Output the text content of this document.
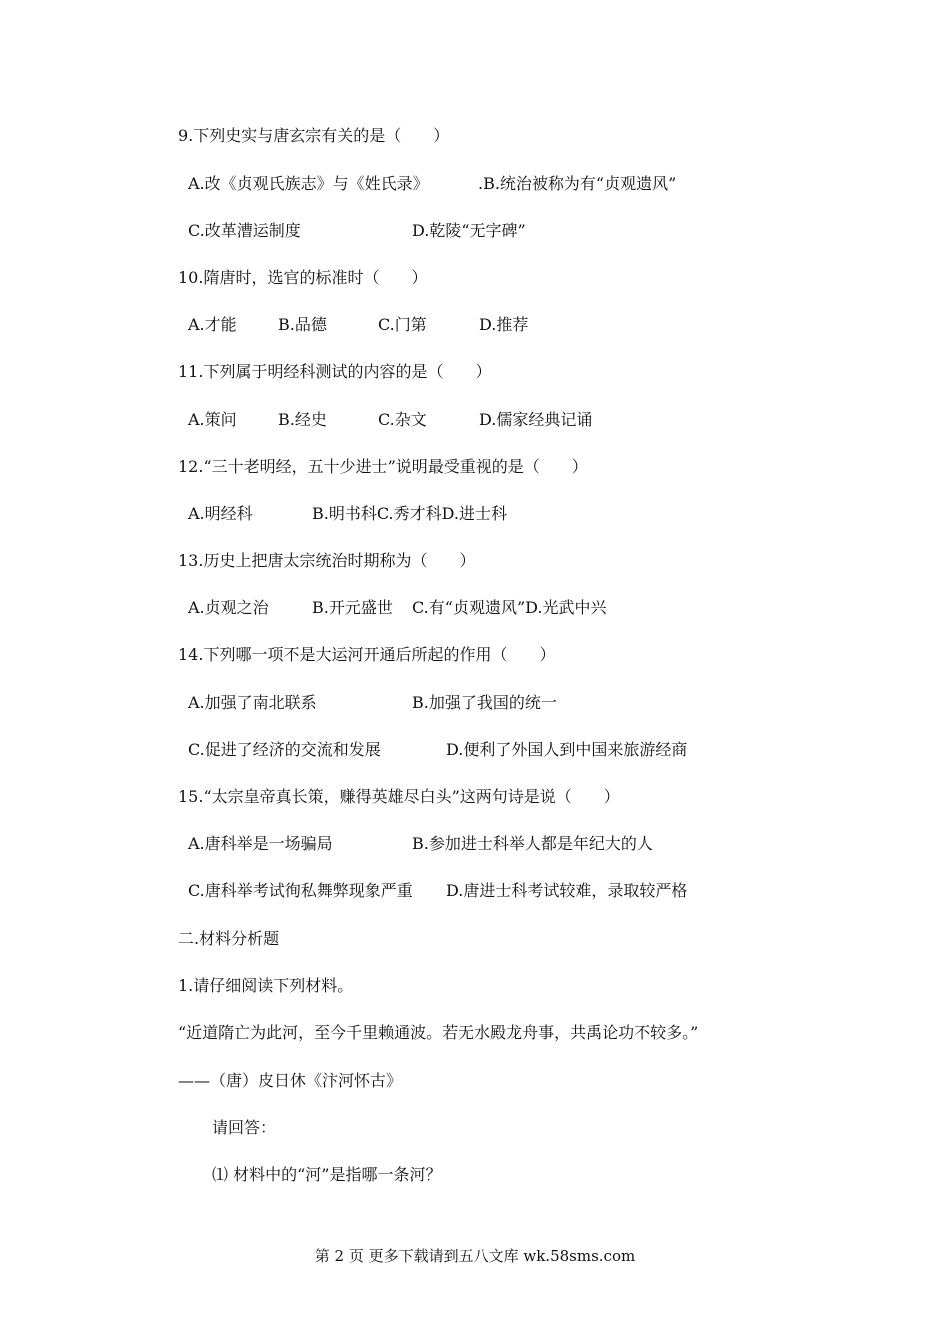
9.下列史实与唐玄宗有关的是（　　）
A.改《贞观氏族志》与《姓氏录》	.B.统治被称为有“贞观遗风”
C.改革漕运制度	D.乾陵“无字碑”
10.隋唐时，选官的标准时（　　）
A.才能	B.品德	C.门第	D.推荐
11.下列属于明经科测试的内容的是（　　）
A.策问	B.经史	C.杂文	D.儒家经典记诵
12.“三十老明经，五十少进士”说明最受重视的是（　　）
A.明经科	B.明书科C.秀才科D.进士科
13.历史上把唐太宗统治时期称为（　　）
A.贞观之治	B.开元盛世 C.有“贞观遗风”D.光武中兴
14.下列哪一项不是大运河开通后所起的作用（　　）
A.加强了南北联系	B.加强了我国的统一
C.促进了经济的交流和发展	D.便利了外国人到中国来旅游经商
15.“太宗皇帝真长策，赚得英雄尽白头”这两句诗是说（　　）
A.唐科举是一场骗局	B.参加进士科举人都是年纪大的人
C.唐科举考试徇私舞弊现象严重 D.唐进士科考试较难，录取较严格
二.材料分析题
1.请仔细阅读下列材料。
“近道隋亡为此河，至今千里赖通波。若无水殿龙舟事，共禹论功不较多。”
——（唐）皮日休《汴河怀古》
请回答：
⑴ 材料中的“河”是指哪一条河？
第 2 页 更多下载请到五八文库 wk.58sms.com
